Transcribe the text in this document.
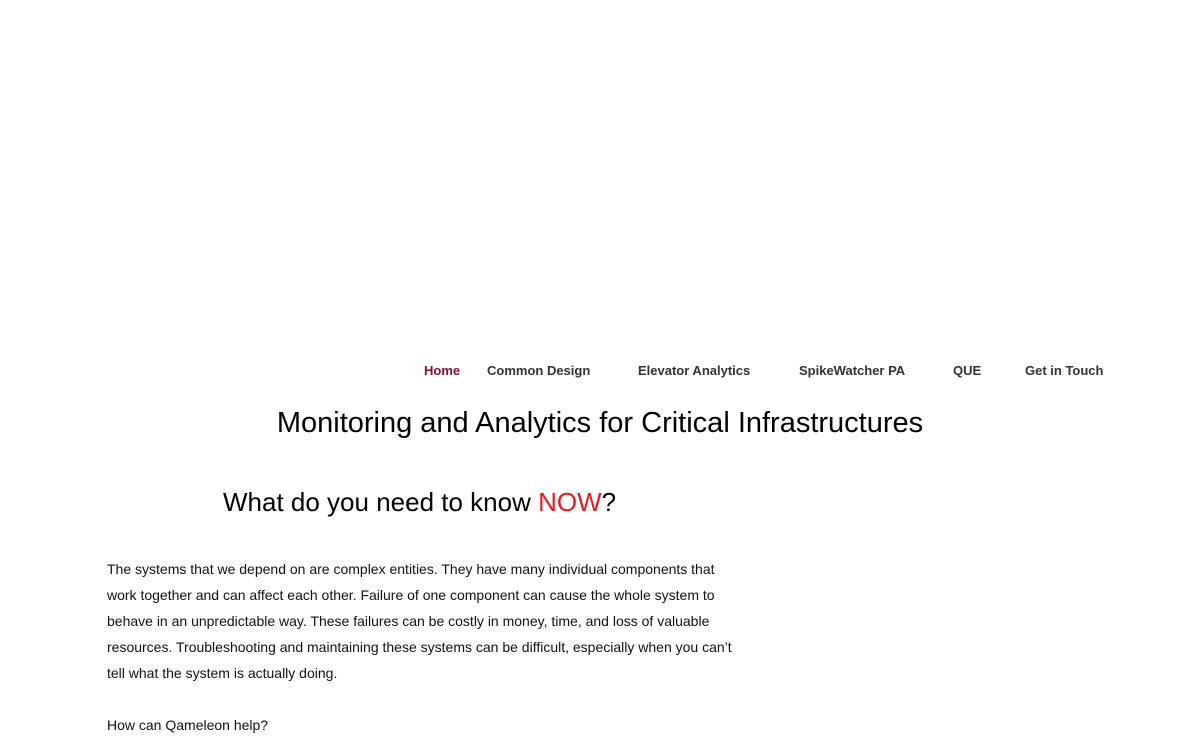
Home Common Design	Elevator Analytics	SpikeWatcher PA	QUE	Get in Touch
Monitoring and Analytics for Critical Infrastructures
What do you need to know NOW?

The systems that we depend on are complex entities. They have many individual components that work together and can affect each other. Failure of one component can cause the whole system to behave in an unpredictable way. These failures can be costly in money, time, and loss of valuable resources. Troubleshooting and maintaining these systems can be difficult, especially when you can’t tell what the system is actually doing.

How can Qameleon help?
